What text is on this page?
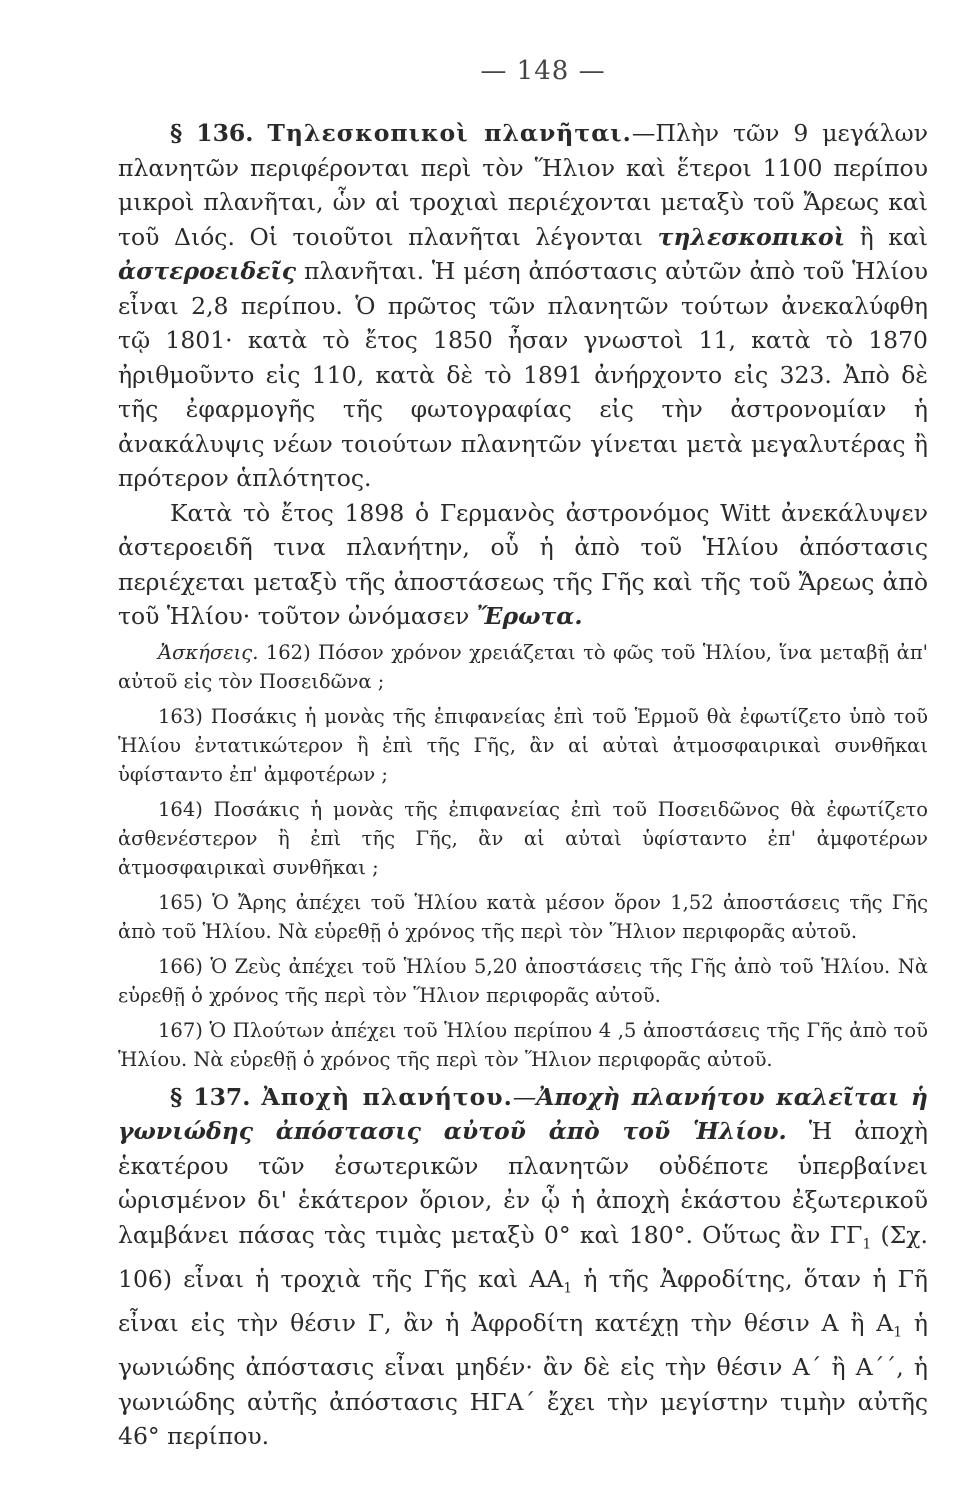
— 148 —

§ 136. Τηλεσκοπικοὶ πλανῆται.—Πλὴν τῶν 9 μεγάλων πλανητῶν περιφέρονται περὶ τὸν Ἥλιον καὶ ἕτεροι 1100 περίπου μικροὶ πλανῆται, ὧν αἱ τροχιαὶ περιέχονται μεταξὺ τοῦ Ἄρεως καὶ τοῦ Διός. Οἱ τοιοῦτοι πλανῆται λέγονται τηλεσκοπικοὶ ἢ καὶ ἀστεροειδεῖς πλανῆται. Ἡ μέση ἀπόστασις αὐτῶν ἀπὸ τοῦ Ἡλίου εἶναι 2,8 περίπου. Ὁ πρῶτος τῶν πλανητῶν τούτων ἀνεκαλύφθη τῷ 1801· κατὰ τὸ ἔτος 1850 ἦσαν γνωστοὶ 11, κατὰ τὸ 1870 ἠριθμοῦντο εἰς 110, κατὰ δὲ τὸ 1891 ἀνήρχοντο εἰς 323. Ἀπὸ δὲ τῆς ἐφαρμογῆς τῆς φωτογραφίας εἰς τὴν ἀστρονομίαν ἡ ἀνακάλυψις νέων τοιούτων πλανητῶν γίνεται μετὰ μεγαλυτέρας ἢ πρότερον ἁπλότητος.

Κατὰ τὸ ἔτος 1898 ὁ Γερμανὸς ἀστρονόμος Witt ἀνεκάλυψεν ἀστεροειδῆ τινα πλανήτην, οὗ ἡ ἀπὸ τοῦ Ἡλίου ἀπόστασις περιέχεται μεταξὺ τῆς ἀποστάσεως τῆς Γῆς καὶ τῆς τοῦ Ἄρεως ἀπὸ τοῦ Ἡλίου· τοῦτον ὠνόμασεν Ἔρωτα.

Ἀσκήσεις. 162) Πόσον χρόνον χρειάζεται τὸ φῶς τοῦ Ἡλίου, ἵνα μεταβῇ ἀπ' αὐτοῦ εἰς τὸν Ποσειδῶνα ;
163) Ποσάκις ἡ μονὰς τῆς ἐπιφανείας ἐπὶ τοῦ Ἑρμοῦ θὰ ἐφωτίζετο ὑπὸ τοῦ Ἡλίου ἐντατικώτερον ἢ ἐπὶ τῆς Γῆς, ἂν αἱ αὐταὶ ἀτμοσφαιρικαὶ συνθῆκαι ὑφίσταντο ἐπ' ἀμφοτέρων ;
164) Ποσάκις ἡ μονὰς τῆς ἐπιφανείας ἐπὶ τοῦ Ποσειδῶνος θὰ ἐφωτίζετο ἀσθενέστερον ἢ ἐπὶ τῆς Γῆς, ἂν αἱ αὐταὶ ὑφίσταντο ἐπ' ἀμφοτέρων ἀτμοσφαιρικαὶ συνθῆκαι ;
165) Ὁ Ἄρης ἀπέχει τοῦ Ἡλίου κατὰ μέσον ὅρον 1,52 ἀποστάσεις τῆς Γῆς ἀπὸ τοῦ Ἡλίου. Νὰ εὑρεθῇ ὁ χρόνος τῆς περὶ τὸν Ἥλιον περιφορᾶς αὐτοῦ.
166) Ὁ Ζεὺς ἀπέχει τοῦ Ἡλίου 5,20 ἀποστάσεις τῆς Γῆς ἀπὸ τοῦ Ἡλίου. Νὰ εὑρεθῇ ὁ χρόνος τῆς περὶ τὸν Ἥλιον περιφορᾶς αὐτοῦ.
167) Ὁ Πλούτων ἀπέχει τοῦ Ἡλίου περίπου 4 ,5 ἀποστάσεις τῆς Γῆς ἀπὸ τοῦ Ἡλίου. Νὰ εὑρεθῇ ὁ χρόνος τῆς περὶ τὸν Ἥλιον περιφορᾶς αὐτοῦ.

§ 137. Ἀποχὴ πλανήτου.—Ἀποχὴ πλανήτου καλεῖται ἡ γωνιώδης ἀπόστασις αὐτοῦ ἀπὸ τοῦ Ἡλίου. Ἡ ἀποχὴ ἑκατέρου τῶν ἐσωτερικῶν πλανητῶν οὐδέποτε ὑπερβαίνει ὡρισμένον δι' ἑκάτερον ὅριον, ἐν ᾧ ἡ ἀποχὴ ἑκάστου ἐξωτερικοῦ λαμβάνει πάσας τὰς τιμὰς μεταξὺ 0° καὶ 180°. Οὕτως ἂν $\Gamma\Gamma_1$ (Σχ. 106) εἶναι ἡ τροχιὰ τῆς Γῆς καὶ $AA_1$ ἡ τῆς Ἀφροδίτης, ὅταν ἡ Γῆ εἶναι εἰς τὴν θέσιν Γ, ἂν ἡ Ἀφροδίτη κατέχῃ τὴν θέσιν Α ἢ $A_1$ ἡ γωνιώδης ἀπόστασις εἶναι μηδέν· ἂν δὲ εἰς τὴν θέσιν Α΄ ἢ Α΄΄, ἡ γωνιώδης αὐτῆς ἀπόστασις ΗΓΑ΄ ἔχει τὴν μεγίστην τιμὴν αὐτῆς 46° περίπου.
